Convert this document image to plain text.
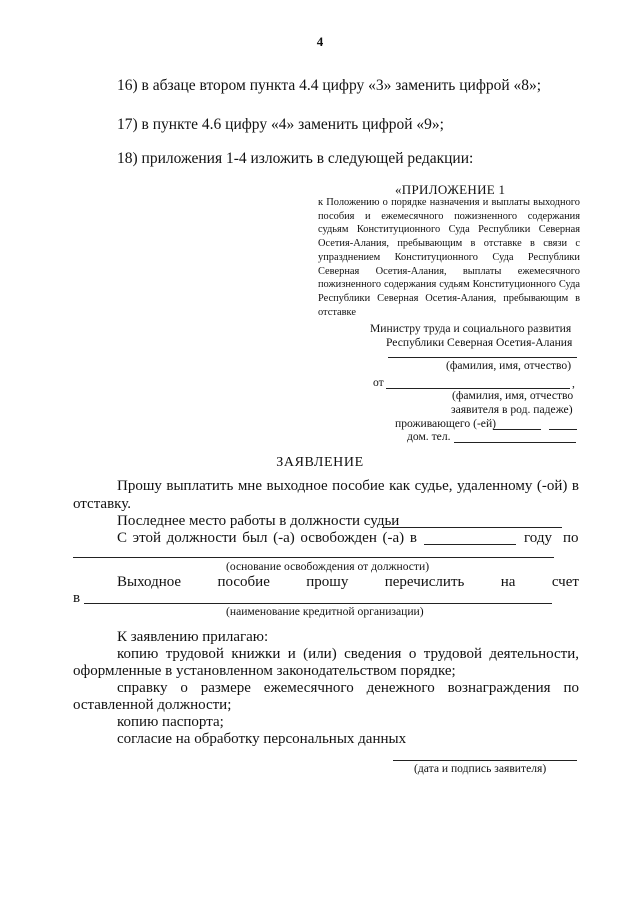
4
16) в абзаце втором пункта 4.4 цифру «3» заменить цифрой «8»;
17) в пункте 4.6 цифру «4» заменить цифрой «9»;
18) приложения 1-4 изложить в следующей редакции:
«ПРИЛОЖЕНИЕ 1
к Положению о порядке назначения и выплаты выходного пособия и ежемесячного пожизненного содержания судьям Конституционного Суда Республики Северная Осетия-Алания, пребывающим в отставке в связи с упразднением Конституционного Суда Республики Северная Осетия-Алания, выплаты ежемесячного пожизненного содержания судьям Конституционного Суда Республики Северная Осетия-Алания, пребывающим в отставке
Министру труда и социального развития
Республики Северная Осетия-Алания
(фамилия, имя, отчество)
от	,
(фамилия, имя, отчество
заявителя в род. падеже)
проживающего (-ей)
дом. тел.
ЗАЯВЛЕНИЕ
Прошу выплатить мне выходное пособие как судье, удаленному (-ой) в
отставку.
Последнее место работы в должности судьи
С этой должности был (-а) освобожден (-а) в	году по
(основание освобождения от должности)
Выходное пособие прошу перечислить на счет
в
(наименование кредитной организации)
К заявлению прилагаю:
копию трудовой книжки и (или) сведения о трудовой деятельности,
оформленные в установленном законодательством порядке;
справку о размере ежемесячного денежного вознаграждения по
оставленной должности;
копию паспорта;
согласие на обработку персональных данных
(дата и подпись заявителя)
